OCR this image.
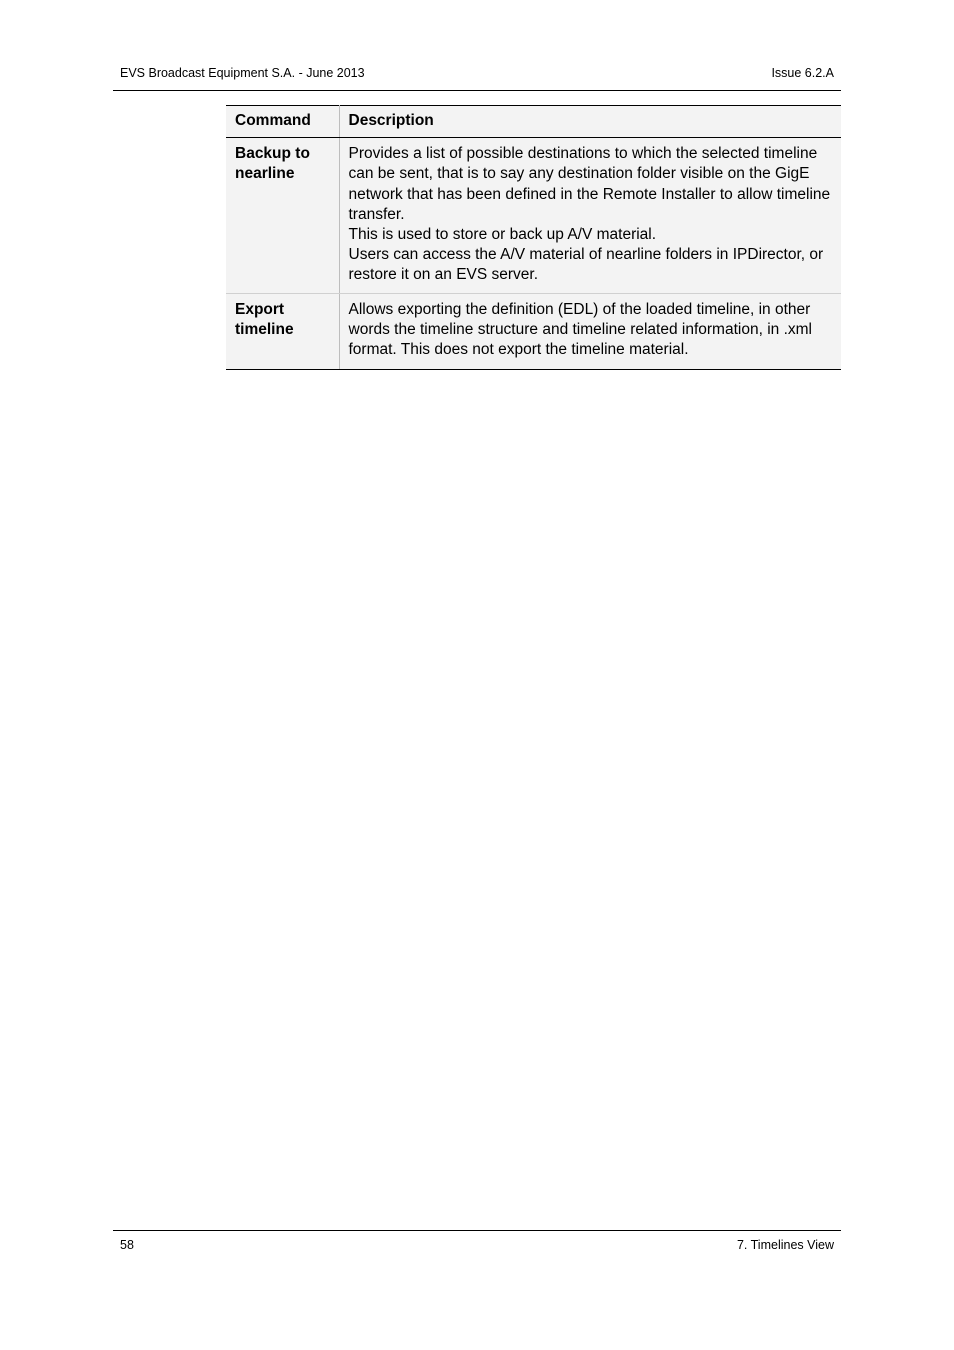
EVS Broadcast Equipment S.A. - June 2013	Issue 6.2.A
Command	Description
Backup to nearline	Provides a list of possible destinations to which the selected timeline can be sent, that is to say any destination folder visible on the GigE network that has been defined in the Remote Installer to allow timeline transfer.
This is used to store or back up A/V material.
Users can access the A/V material of nearline folders in IPDirector, or restore it on an EVS server.

Export timeline	Allows exporting the definition (EDL) of the loaded timeline, in other words the timeline structure and timeline related information, in .xml format. This does not export the timeline material.
58	7. Timelines View
